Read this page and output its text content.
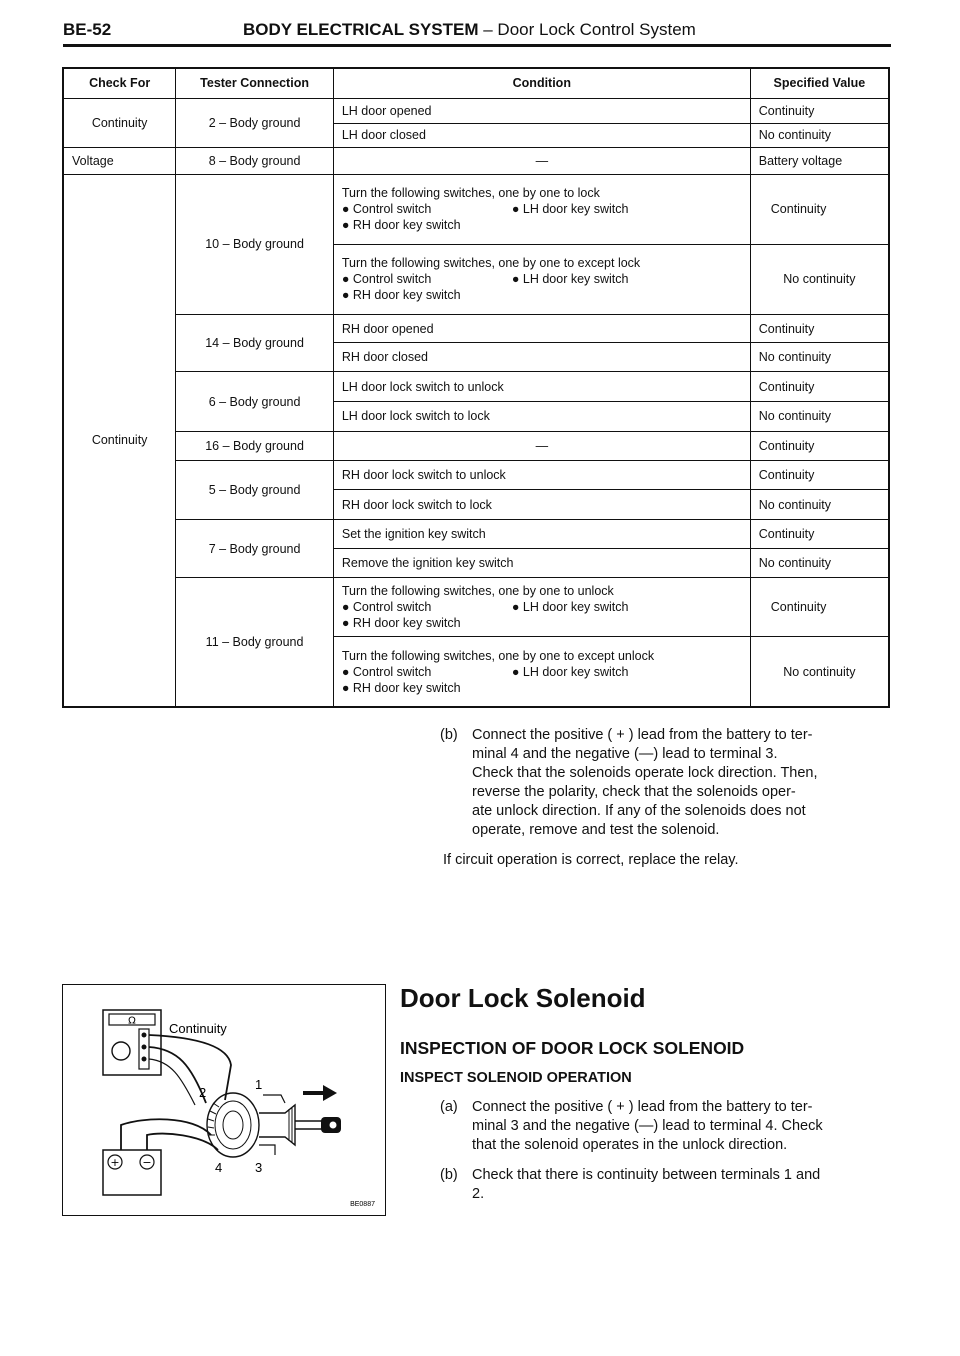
BE-52	BODY ELECTRICAL SYSTEM – Door Lock Control System
Check For	Tester Connection	Condition	Specified Value
Continuity	2 – Body ground	LH door opened	Continuity
		LH door closed	No continuity
Voltage	8 – Body ground	—	Battery voltage
Continuity	10 – Body ground	Turn the following switches, one by one to lock
● Control switch ● LH door key switch
● RH door key switch	Continuity

		Turn the following switches, one by one to except lock
● Control switch ● LH door key switch
● RH door key switch	No continuity
	14 – Body ground	RH door opened	Continuity
		RH door closed	No continuity
	6 – Body ground	LH door lock switch to unlock	Continuity
		LH door lock switch to lock	No continuity
	16 – Body ground	—	Continuity
	5 – Body ground	RH door lock switch to unlock	Continuity
		RH door lock switch to lock	No continuity
	7 – Body ground	Set the ignition key switch	Continuity
		Remove the ignition key switch	No continuity
	11 – Body ground	Turn the following switches, one by one to unlock
● Control switch ● LH door key switch
● RH door key switch	Continuity

		Turn the following switches, one by one to except unlock
● Control switch ● LH door key switch
● RH door key switch	No continuity
(b) Connect the positive ( + ) lead from the battery to ter-
minal 4 and the negative (—) lead to terminal 3.
Check that the solenoids operate lock direction. Then,
reverse the polarity, check that the solenoids oper-
ate unlock direction. If any of the solenoids does not
operate, remove and test the solenoid.
If circuit operation is correct, replace the relay.
Ω	Continuity
2
1
3
4
+ −
BE0887
Door Lock Solenoid
INSPECTION OF DOOR LOCK SOLENOID
INSPECT SOLENOID OPERATION
(a) Connect the positive ( + ) lead from the battery to ter-
minal 3 and the negative (—) lead to terminal 4. Check
that the solenoid operates in the unlock direction.
(b) Check that there is continuity between terminals 1 and
2.
